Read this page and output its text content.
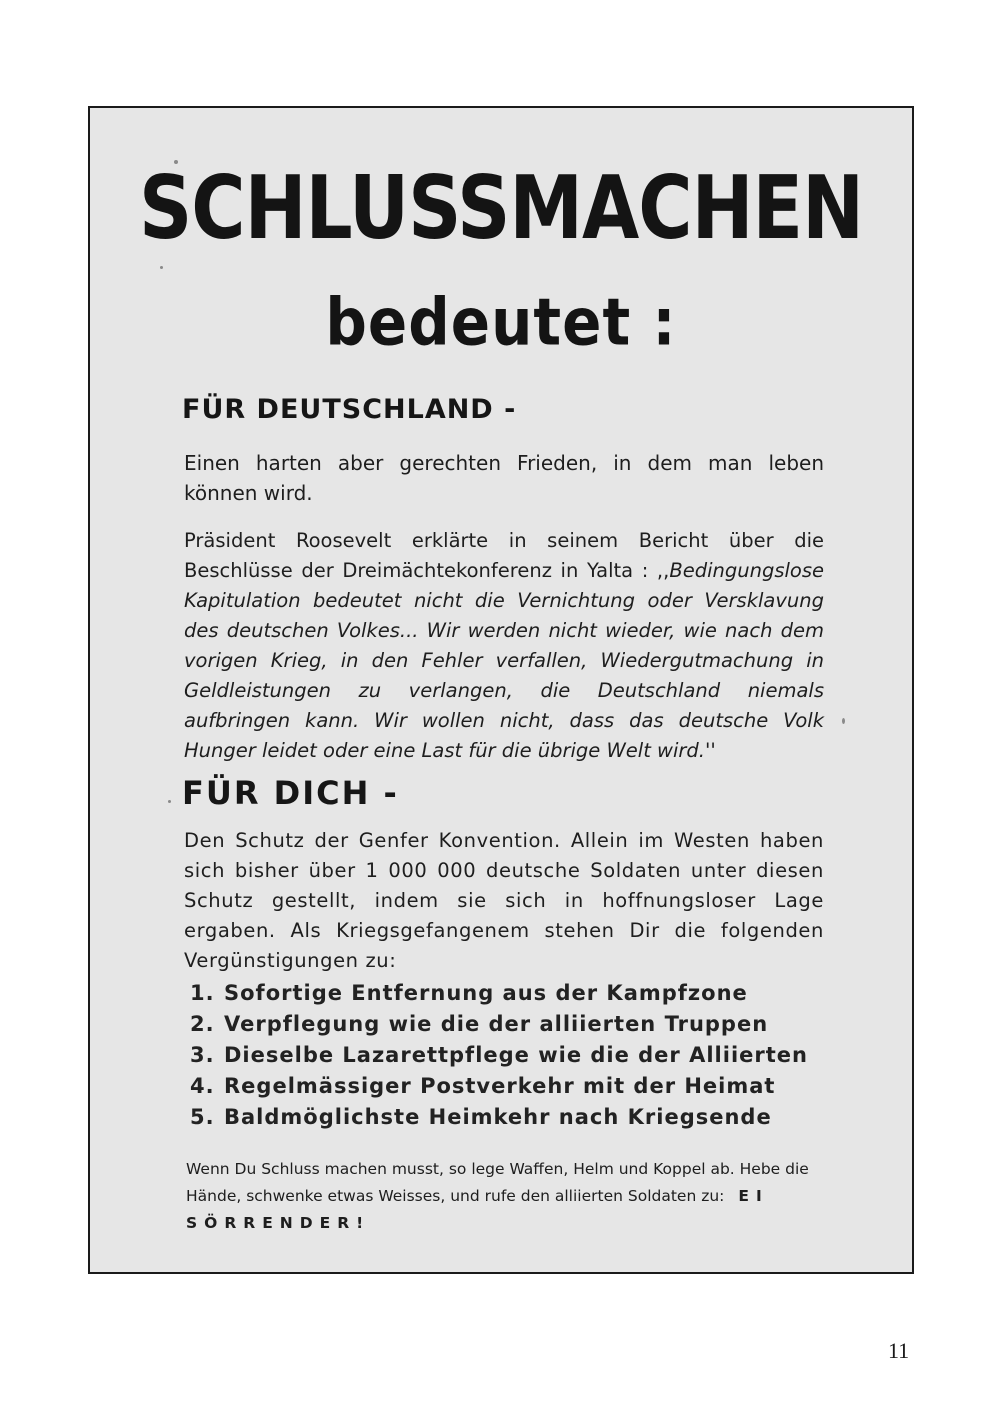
SCHLUSSMACHEN
bedeutet :
FÜR DEUTSCHLAND -

Einen harten aber gerechten Frieden, in dem man leben können wird.

Präsident Roosevelt erklärte in seinem Bericht über die Beschlüsse der Dreimächtekonferenz in Yalta : ,,Bedingungslose Kapitulation bedeutet nicht die Vernichtung oder Versklavung des deutschen Volkes... Wir werden nicht wieder, wie nach dem vorigen Krieg, in den Fehler verfallen, Wiedergutmachung in Geldleistungen zu verlangen, die Deutschland niemals aufbringen kann. Wir wollen nicht, dass das deutsche Volk Hunger leidet oder eine Last für die übrige Welt wird.''

FÜR DICH -

Den Schutz der Genfer Konvention. Allein im Westen haben sich bisher über 1 000 000 deutsche Soldaten unter diesen Schutz gestellt, indem sie sich in hoffnungsloser Lage ergaben. Als Kriegsgefangenem stehen Dir die folgenden Vergünstigungen zu:

1. Sofortige Entfernung aus der Kampfzone
2. Verpflegung wie die der alliierten Truppen
3. Dieselbe Lazarettpflege wie die der Alliierten
4. Regelmässiger Postverkehr mit der Heimat
5. Baldmöglichste Heimkehr nach Kriegsende

Wenn Du Schluss machen musst, so lege Waffen, Helm und Koppel ab. Hebe die Hände, schwenke etwas Weisses, und rufe den alliierten Soldaten zu: EI SÖRRENDER!

11
